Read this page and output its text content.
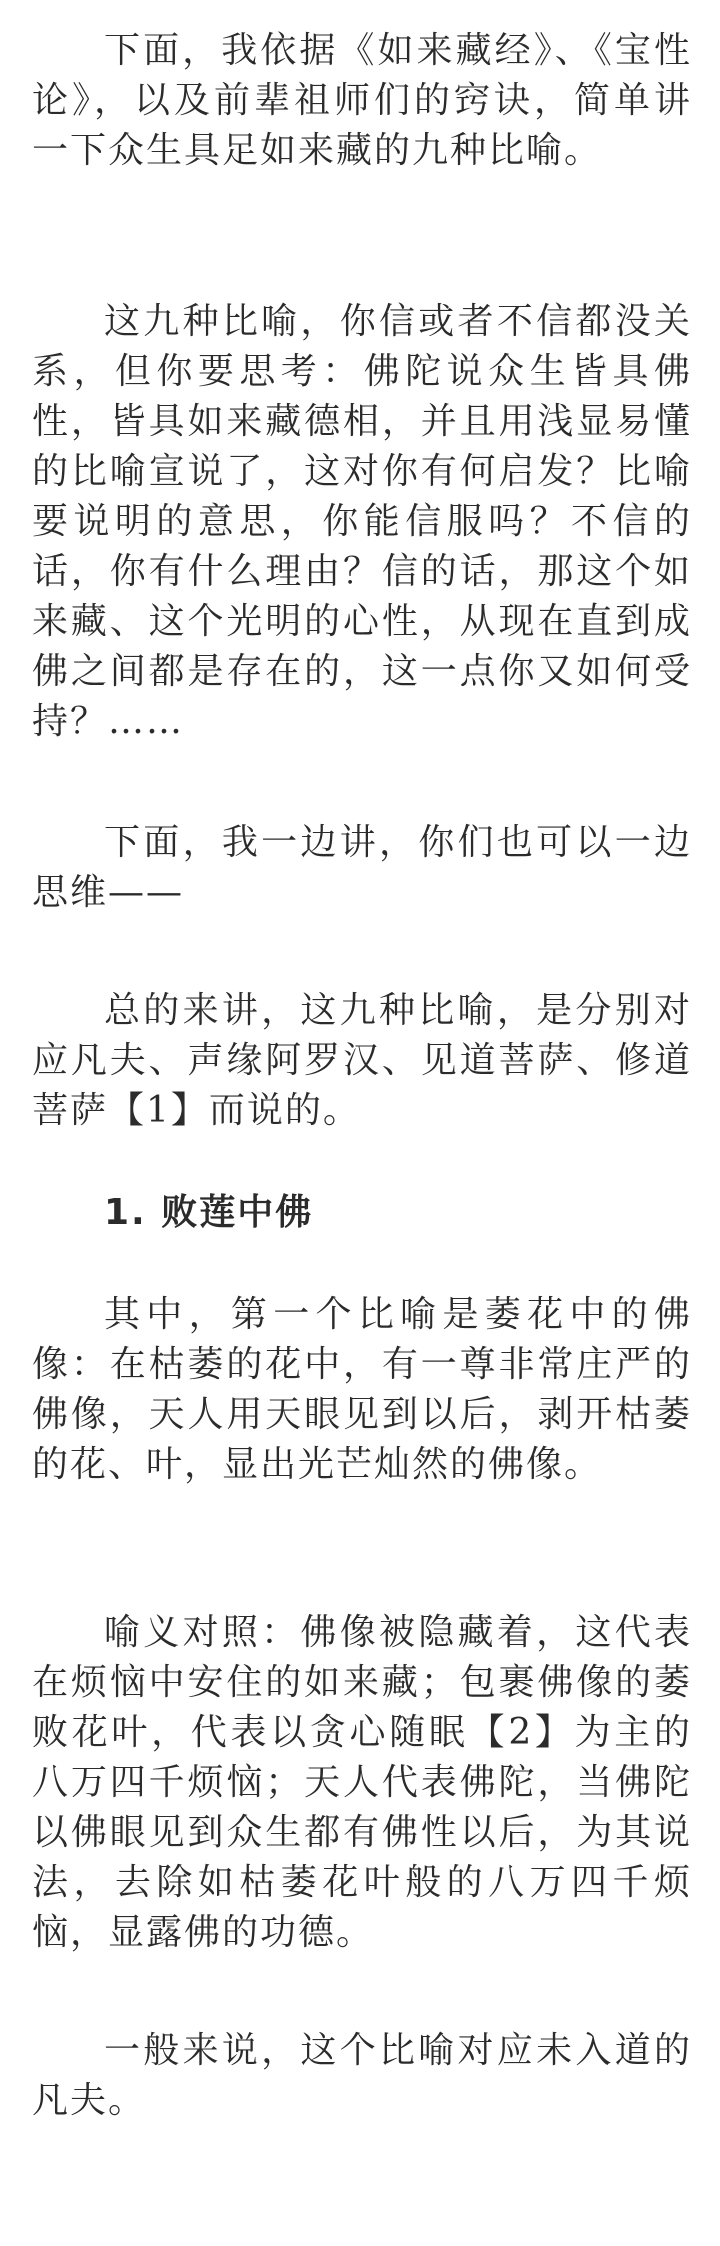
下面，我依据《如来藏经》、《宝性论》，以及前辈祖师们的窍诀，简单讲一下众生具足如来藏的九种比喻。

这九种比喻，你信或者不信都没关系，但你要思考：佛陀说众生皆具佛性，皆具如来藏德相，并且用浅显易懂的比喻宣说了，这对你有何启发？比喻要说明的意思，你能信服吗？不信的话，你有什么理由？信的话，那这个如来藏、这个光明的心性，从现在直到成佛之间都是存在的，这一点你又如何受持？……

下面，我一边讲，你们也可以一边思维——

总的来讲，这九种比喻，是分别对应凡夫、声缘阿罗汉、见道菩萨、修道菩萨【1】而说的。

1. 败莲中佛

其中，第一个比喻是萎花中的佛像：在枯萎的花中，有一尊非常庄严的佛像，天人用天眼见到以后，剥开枯萎的花、叶，显出光芒灿然的佛像。

喻义对照：佛像被隐藏着，这代表在烦恼中安住的如来藏；包裹佛像的萎败花叶，代表以贪心随眠【2】为主的八万四千烦恼；天人代表佛陀，当佛陀以佛眼见到众生都有佛性以后，为其说法，去除如枯萎花叶般的八万四千烦恼，显露佛的功德。

一般来说，这个比喻对应未入道的凡夫。
